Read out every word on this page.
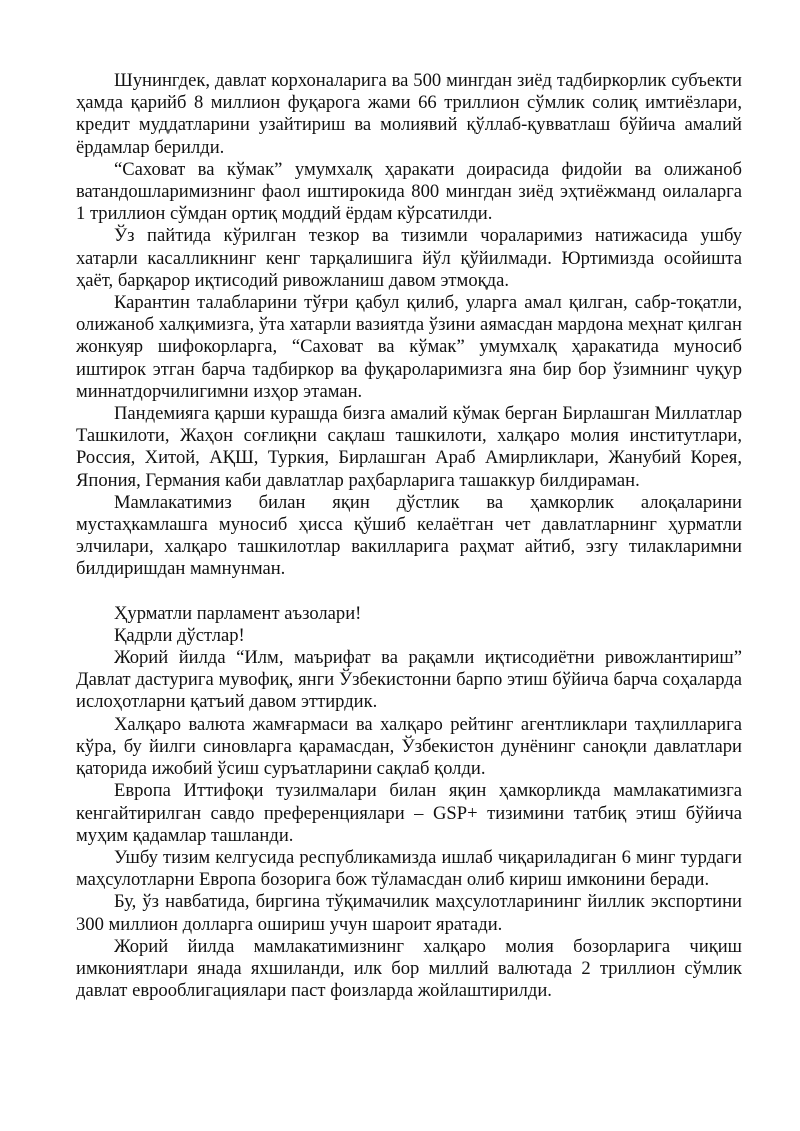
Шунингдек, давлат корхоналарига ва 500 мингдан зиёд тадбиркорлик субъекти ҳамда қарийб 8 миллион фуқарога жами 66 триллион сўмлик солиқ имтиёзлари, кредит муддатларини узайтириш ва молиявий қўллаб-қувватлаш бўйича амалий ёрдамлар берилди.

“Саховат ва кўмак” умумхалқ ҳаракати доирасида фидойи ва олижаноб ватандошларимизнинг фаол иштирокида 800 мингдан зиёд эҳтиёжманд оилаларга 1 триллион сўмдан ортиқ моддий ёрдам кўрсатилди.

Ўз пайтида кўрилган тезкор ва тизимли чораларимиз натижасида ушбу хатарли касалликнинг кенг тарқалишига йўл қўйилмади. Юртимизда осойишта ҳаёт, барқарор иқтисодий ривожланиш давом этмоқда.

Карантин талабларини тўғри қабул қилиб, уларга амал қилган, сабр-тоқатли, олижаноб халқимизга, ўта хатарли вазиятда ўзини аямасдан мардона меҳнат қилган жонкуяр шифокорларга, “Саховат ва кўмак” умумхалқ ҳаракатида муносиб иштирок этган барча тадбиркор ва фуқароларимизга яна бир бор ўзимнинг чуқур миннатдорчилигимни изҳор этаман.

Пандемияга қарши курашда бизга амалий кўмак берган Бирлашган Миллатлар Ташкилоти, Жаҳон соғлиқни сақлаш ташкилоти, халқаро молия институтлари, Россия, Хитой, АҚШ, Туркия, Бирлашган Араб Амирликлари, Жанубий Корея, Япония, Германия каби давлатлар раҳбарларига ташаккур билдираман.

Мамлакатимиз билан яқин дўстлик ва ҳамкорлик алоқаларини мустаҳкамлашга муносиб ҳисса қўшиб келаётган чет давлатларнинг ҳурматли элчилари, халқаро ташкилотлар вакилларига раҳмат айтиб, эзгу тилакларимни билдиришдан мамнунман.

Ҳурматли парламент аъзолари!

Қадрли дўстлар!

Жорий йилда “Илм, маърифат ва рақамли иқтисодиётни ривожлантириш” Давлат дастурига мувофиқ, янги Ўзбекистонни барпо этиш бўйича барча соҳаларда ислоҳотларни қатъий давом эттирдик.

Халқаро валюта жамғармаси ва халқаро рейтинг агентликлари таҳлилларига кўра, бу йилги синовларга қарамасдан, Ўзбекистон дунёнинг саноқли давлатлари қаторида ижобий ўсиш суръатларини сақлаб қолди.

Европа Иттифоқи тузилмалари билан яқин ҳамкорликда мамлакатимизга кенгайтирилган савдо преференциялари – GSP+ тизимини татбиқ этиш бўйича муҳим қадамлар ташланди.

Ушбу тизим келгусида республикамизда ишлаб чиқариладиган 6 минг турдаги маҳсулотларни Европа бозорига бож тўламасдан олиб кириш имконини беради.

Бу, ўз навбатида, биргина тўқимачилик маҳсулотларининг йиллик экспортини 300 миллион долларга ошириш учун шароит яратади.

Жорий йилда мамлакатимизнинг халқаро молия бозорларига чиқиш имкониятлари янада яхшиланди, илк бор миллий валютада 2 триллион сўмлик давлат еврооблигациялари паст фоизларда жойлаштирилди.
